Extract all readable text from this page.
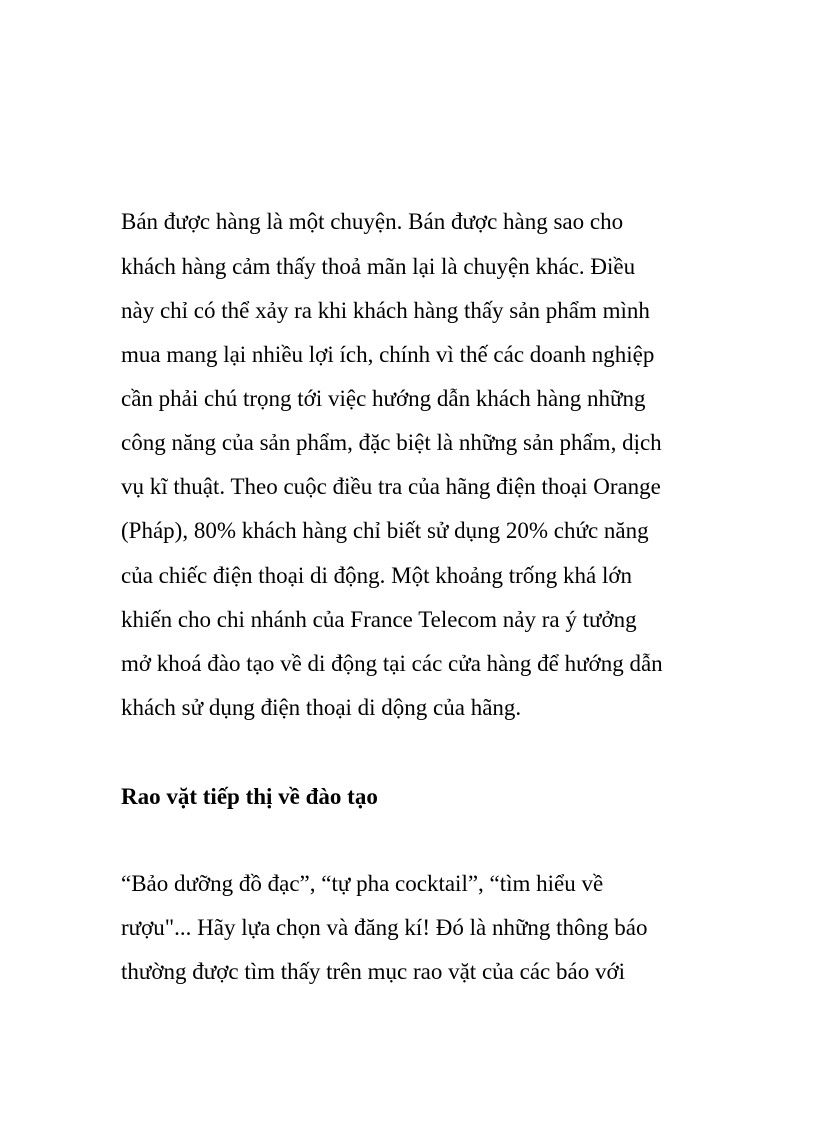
Bán được hàng là một chuyện. Bán được hàng sao cho

khách hàng cảm thấy thoả mãn lại là chuyện khác. Điều

này chỉ có thể xảy ra khi khách hàng thấy sản phẩm mình

mua mang lại nhiều lợi ích, chính vì thế các doanh nghiệp

cần phải chú trọng tới việc hướng dẫn khách hàng những

công năng của sản phẩm, đặc biệt là những sản phẩm, dịch

vụ kĩ thuật. Theo cuộc điều tra của hãng điện thoại Orange

(Pháp), 80% khách hàng chỉ biết sử dụng 20% chức năng

của chiếc điện thoại di động. Một khoảng trống khá lớn

khiến cho chi nhánh của France Telecom nảy ra ý tưởng

mở khoá đào tạo về di động tại các cửa hàng để hướng dẫn

khách sử dụng điện thoại di dộng của hãng.

Rao vặt tiếp thị về đào tạo

“Bảo dưỡng đồ đạc”, “tự pha cocktail”, “tìm hiểu về

rượu"... Hãy lựa chọn và đăng kí! Đó là những thông báo

thường được tìm thấy trên mục rao vặt của các báo với
